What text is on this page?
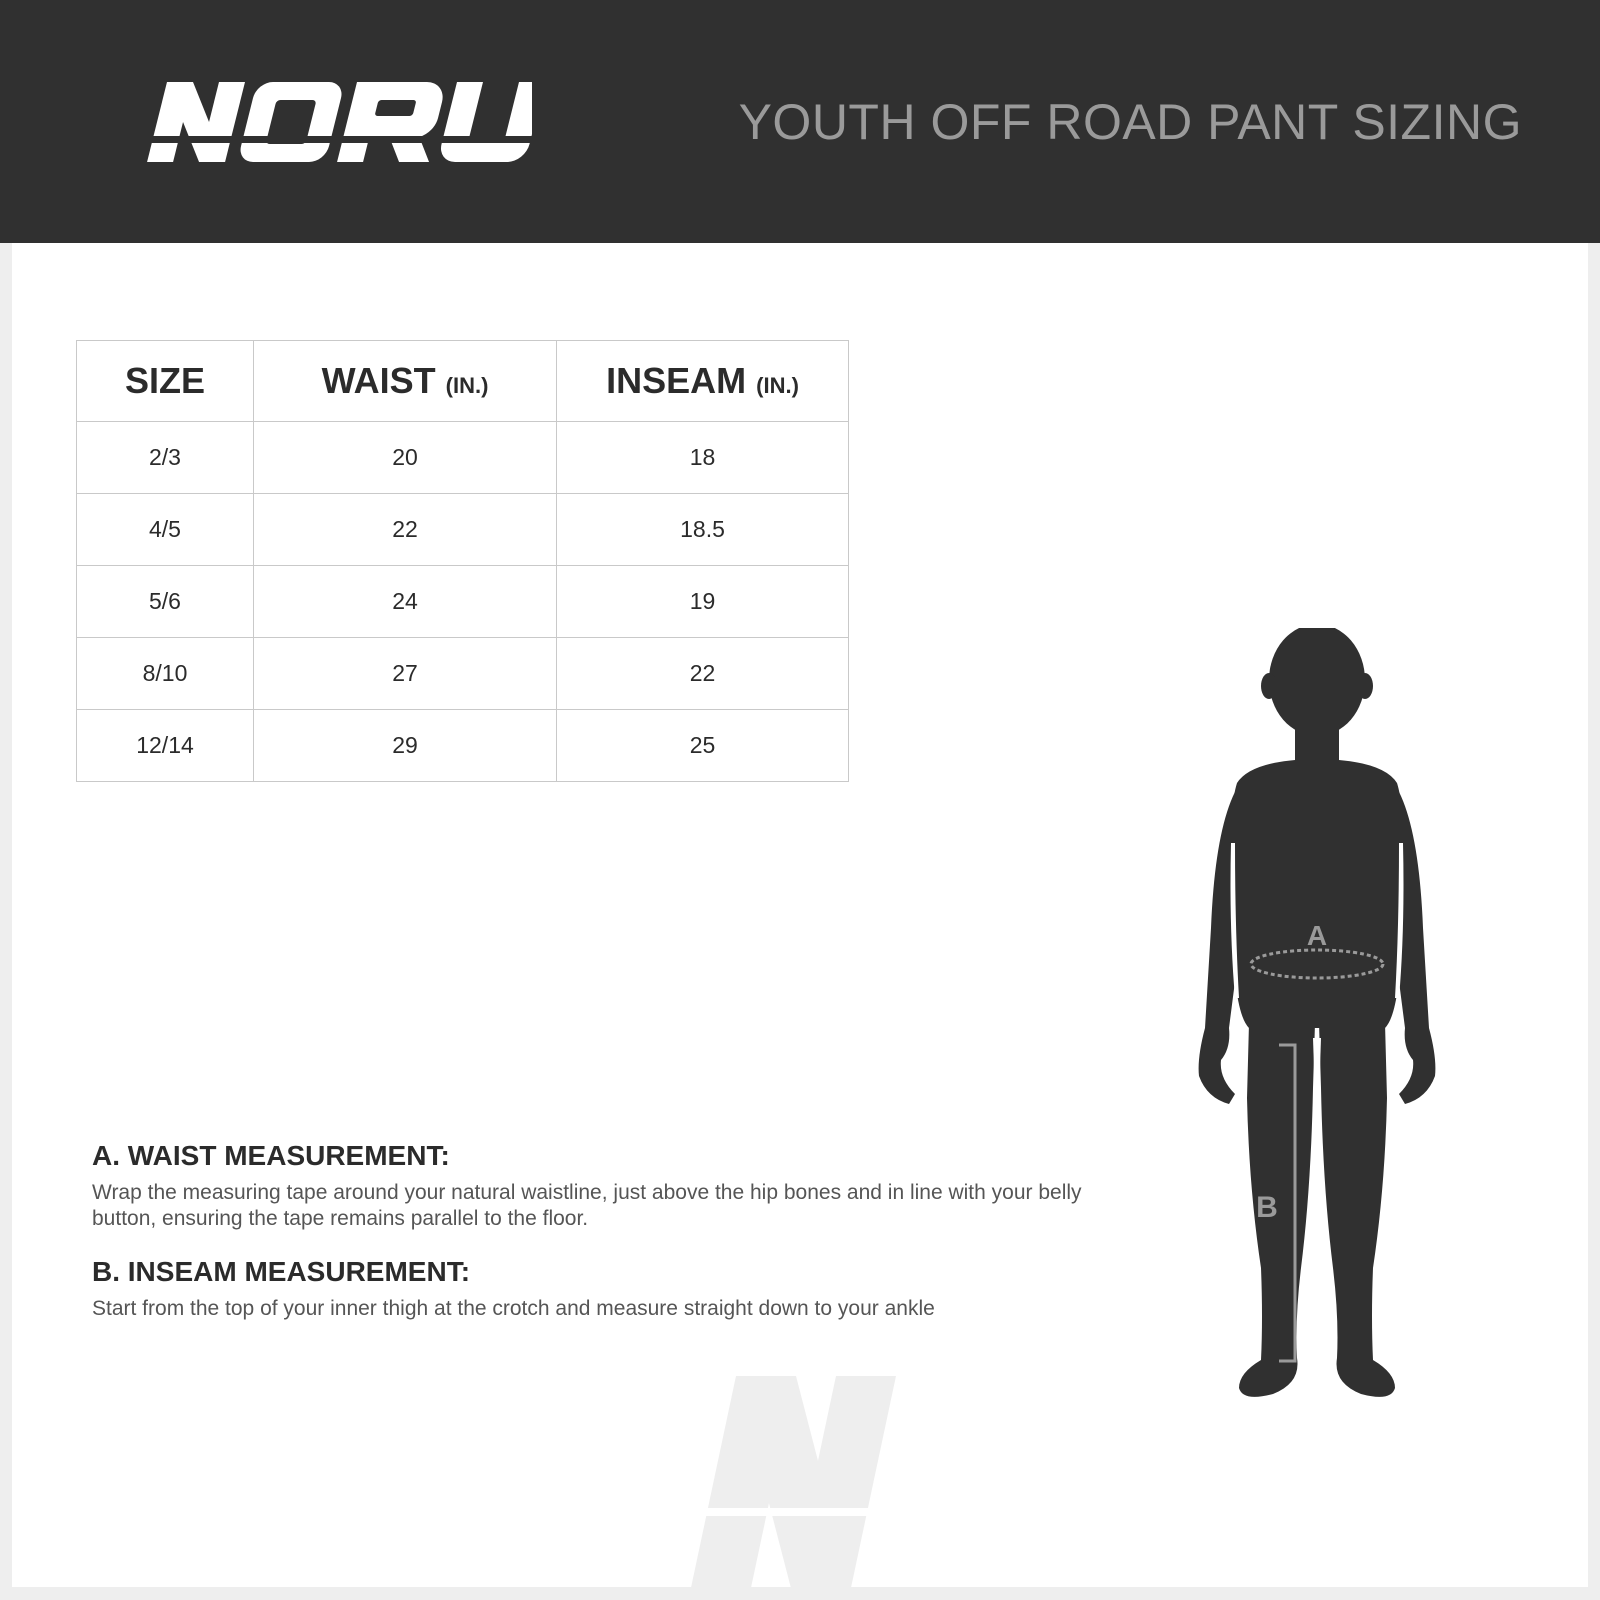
YOUTH OFF ROAD PANT SIZING
SIZE	WAIST (IN.)	INSEAM (IN.)
2/3	20	18
4/5	22	18.5
5/6	24	19
8/10	27	22
12/14	29	25
A. WAIST MEASUREMENT:

Wrap the measuring tape around your natural waistline, just above the hip bones and in line with your belly button, ensuring the tape remains parallel to the floor.

B. INSEAM MEASUREMENT:

Start from the top of your inner thigh at the crotch and measure straight down to your ankle

A
B
